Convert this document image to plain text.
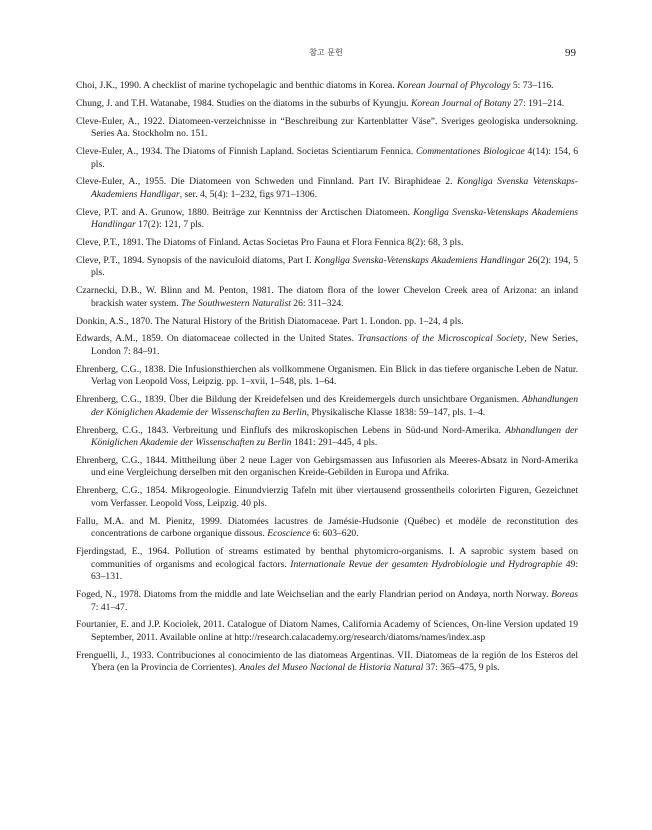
참고 문헌	99
Choi, J.K., 1990. A checklist of marine tychopelagic and benthic diatoms in Korea. Korean Journal of Phycology 5: 73–116.
Chung, J. and T.H. Watanabe, 1984. Studies on the diatoms in the suburbs of Kyungju. Korean Journal of Botany 27: 191–214.
Cleve-Euler, A., 1922. Diatomeen-verzeichnisse in “Beschreibung zur Kartenblatter Väse”. Sveriges geologiska undersokning. Series Aa. Stockholm no. 151.
Cleve-Euler, A., 1934. The Diatoms of Finnish Lapland. Societas Scientiarum Fennica. Commentationes Biologicae 4(14): 154, 6 pls.
Cleve-Euler, A., 1955. Die Diatomeen von Schweden und Finnland. Part IV. Biraphideae 2. Kongliga Svenska Vetenskaps-Akademiens Handligar, ser. 4, 5(4): 1–232, figs 971–1306.
Cleve, P.T. and A. Grunow, 1880. Beiträge zur Kenntniss der Arctischen Diatomeen. Kongliga Svenska-Vetenskaps Akademiens Handlingar 17(2): 121, 7 pls.
Cleve, P.T., 1891. The Diatoms of Finland. Actas Societas Pro Fauna et Flora Fennica 8(2): 68, 3 pls.
Cleve, P.T., 1894. Synopsis of the naviculoid diatoms, Part I. Kongliga Svenska-Vetenskaps Akademiens Handlingar 26(2): 194, 5 pls.
Czarnecki, D.B., W. Blinn and M. Penton, 1981. The diatom flora of the lower Chevelon Creek area of Arizona: an inland brackish water system. The Southwestern Naturalist 26: 311–324.
Donkin, A.S., 1870. The Natural History of the British Diatomaceae. Part 1. London. pp. 1–24, 4 pls.
Edwards, A.M., 1859. On diatomaceae collected in the United States. Transactions of the Microscopical Society, New Series, London 7: 84–91.
Ehrenberg, C.G., 1838. Die Infusionsthierchen als vollkommene Organismen. Ein Blick in das tiefere organische Leben de Natur. Verlag von Leopold Voss, Leipzig. pp. 1–xvii, 1–548, pls. 1–64.
Ehrenberg, C.G., 1839. Über die Bildung der Kreidefelsen und des Kreidemergels durch unsichtbare Organismen. Abhandlungen der Königlichen Akademie der Wissenschaften zu Berlin, Physikalische Klasse 1838: 59–147, pls. 1–4.
Ehrenberg, C.G., 1843. Verbreitung und Einflufs des mikroskopischen Lebens in Süd-und Nord-Amerika. Abhandlungen der Königlichen Akademie der Wissenschaften zu Berlin 1841: 291–445, 4 pls.
Ehrenberg, C.G., 1844. Mittheilung über 2 neue Lager von Gebirgsmassen aus Infusorien als Meeres-Absatz in Nord-Amerika und eine Vergleichung derselben mit den organischen Kreide-Gebilden in Europa und Afrika.
Ehrenberg, C.G., 1854. Mikrogeologie. Einundvierzig Tafeln mit über viertausend grossentheils colorirten Figuren, Gezeichnet vom Verfasser. Leopold Voss, Leipzig. 40 pls.
Fallu, M.A. and M. Pienitz, 1999. Diatomées lacustres de Jamésie-Hudsonie (Québec) et modèle de reconstitution des concentrations de carbone organique dissous. Ecoscience 6: 603–620.
Fjerdingstad, E., 1964. Pollution of streams estimated by benthal phytomicro-organisms. I. A saprobic system based on communities of organisms and ecological factors. Internationale Revue der gesamten Hydrobiologie und Hydrographie 49: 63–131.
Foged, N., 1978. Diatoms from the middle and late Weichselian and the early Flandrian period on Andøya, north Norway. Boreas 7: 41–47.
Fourtanier, E. and J.P. Kociolek, 2011. Catalogue of Diatom Names, California Academy of Sciences, On-line Version updated 19 September, 2011. Available online at http://research.calacademy.org/research/diatoms/names/index.asp
Frenguelli, J., 1933. Contribuciones al conocimiento de las diatomeas Argentinas. VII. Diatomeas de la región de los Esteros del Ybera (en la Provincia de Corrientes). Anales del Museo Nacional de Historia Natural 37: 365–475, 9 pls.
